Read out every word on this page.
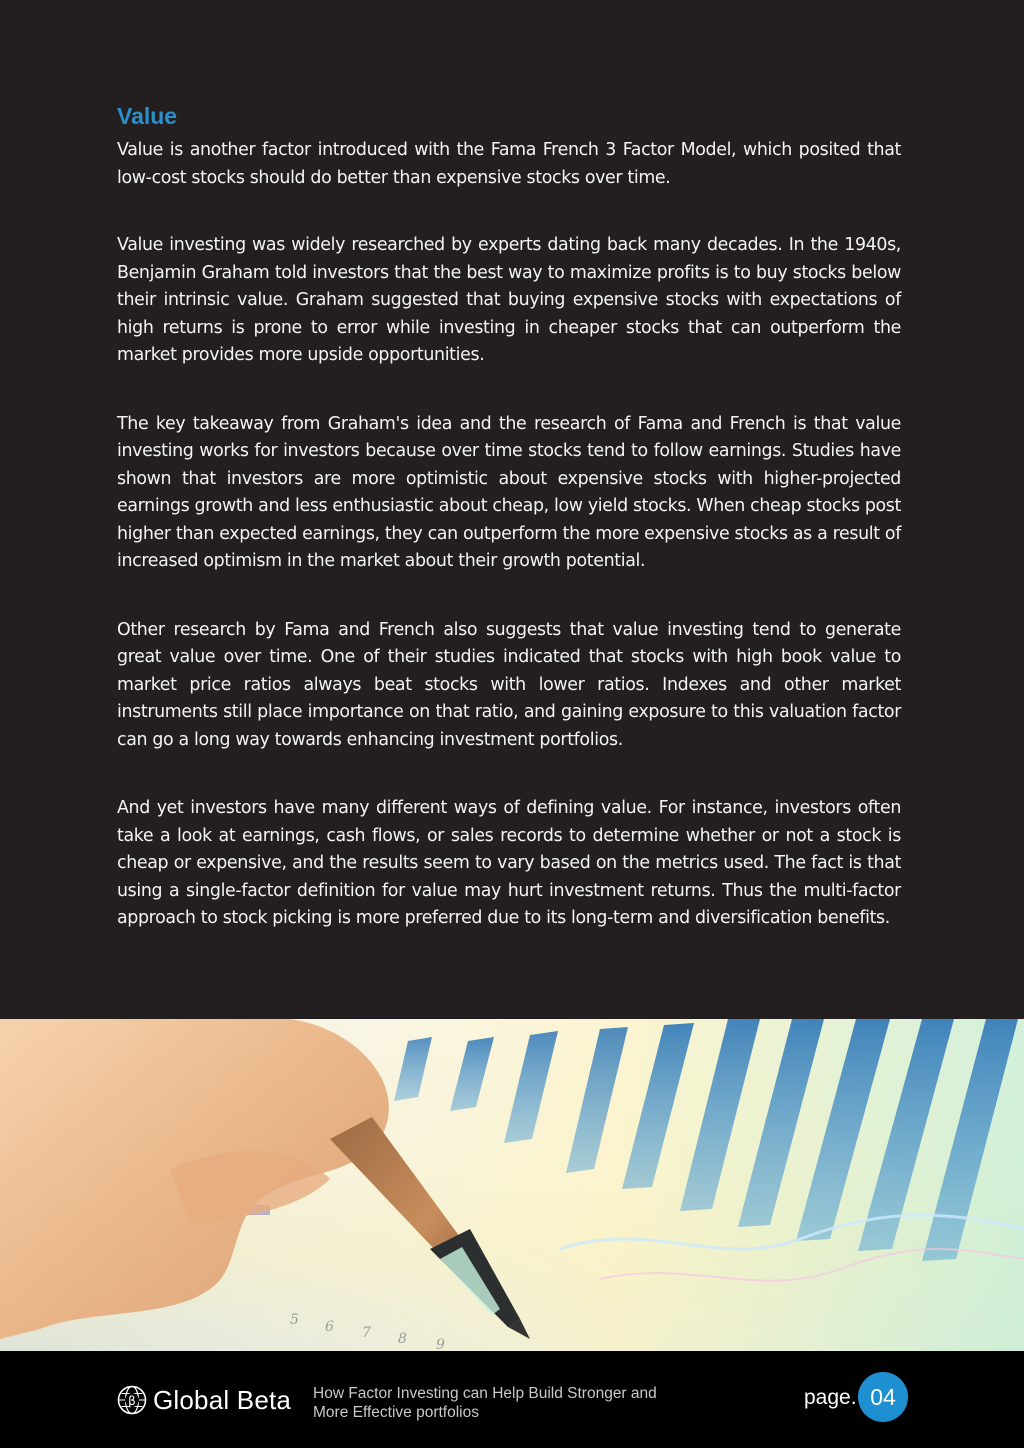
Value

Value is another factor introduced with the Fama French 3 Factor Model, which posited that low-cost stocks should do better than expensive stocks over time.

Value investing was widely researched by experts dating back many decades. In the 1940s, Benjamin Graham told investors that the best way to maximize profits is to buy stocks below their intrinsic value. Graham suggested that buying expensive stocks with expectations of high returns is prone to error while investing in cheaper stocks that can outperform the market provides more upside opportunities.

The key takeaway from Graham's idea and the research of Fama and French is that value investing works for investors because over time stocks tend to follow earnings. Studies have shown that investors are more optimistic about expensive stocks with higher-projected earnings growth and less enthusiastic about cheap, low yield stocks. When cheap stocks post higher than expected earnings, they can outperform the more expensive stocks as a result of increased optimism in the market about their growth potential.

Other research by Fama and French also suggests that value investing tend to generate great value over time. One of their studies indicated that stocks with high book value to market price ratios always beat stocks with lower ratios. Indexes and other market instruments still place importance on that ratio, and gaining exposure to this valuation factor can go a long way towards enhancing investment portfolios.

And yet investors have many different ways of defining value. For instance, investors often take a look at earnings, cash flows, or sales records to determine whether or not a stock is cheap or expensive, and the results seem to vary based on the metrics used. The fact is that using a single-factor definition for value may hurt investment returns. Thus the multi-factor approach to stock picking is more preferred due to its long-term and diversification benefits.

5 6 7 8 9
β Global Beta How Factor Investing can Help Build Stronger and More Effective portfolios
page. 04
